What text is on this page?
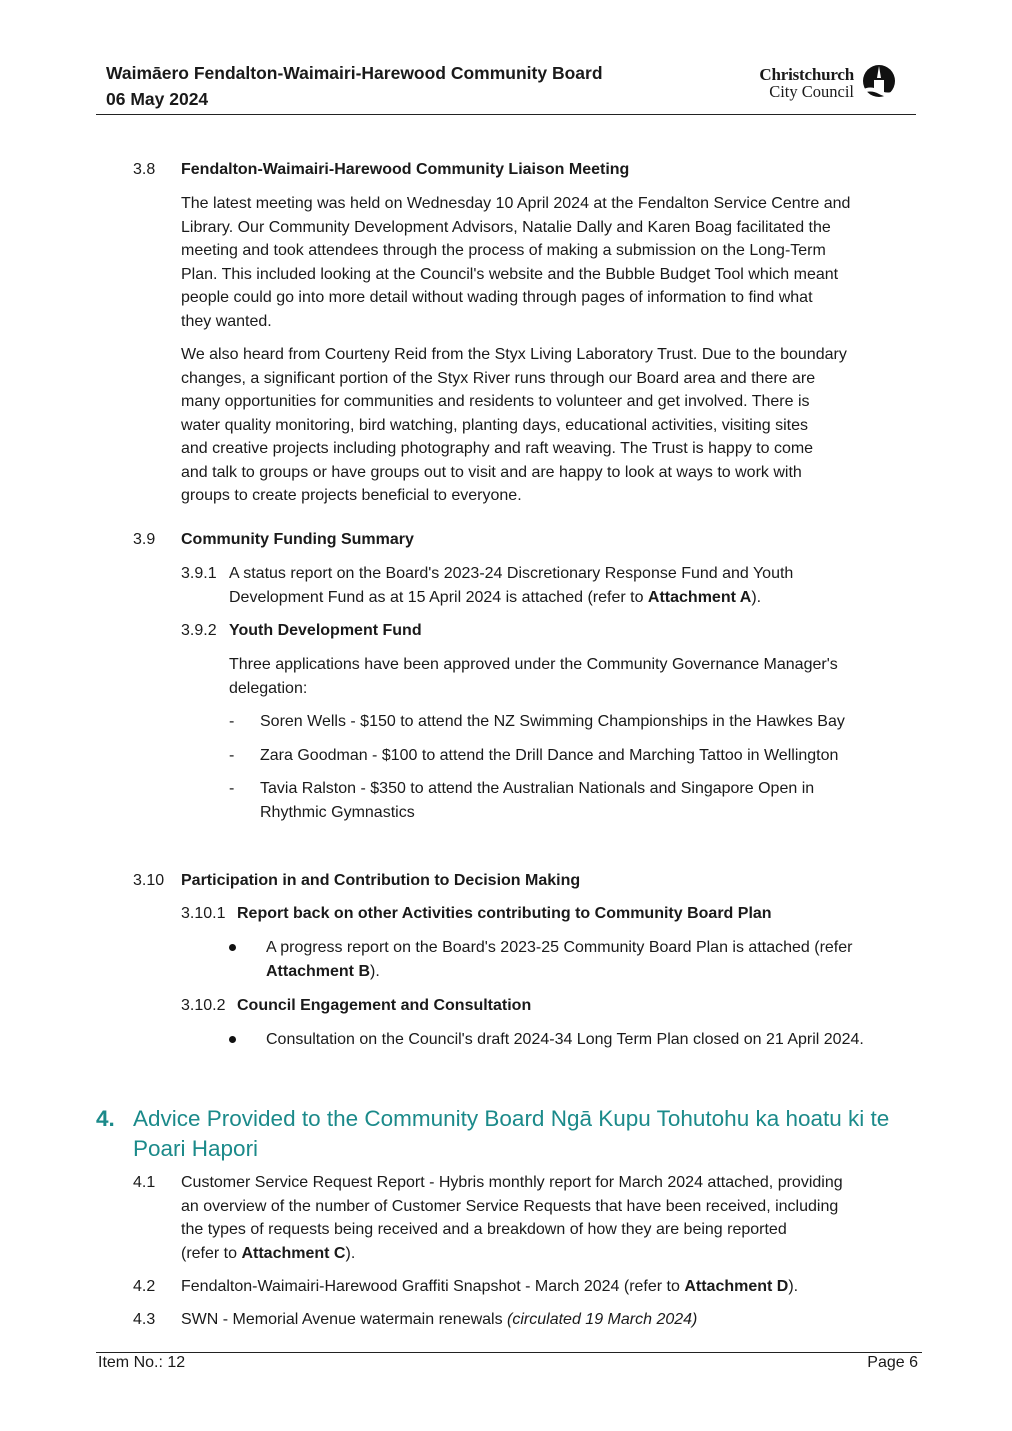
Waimāero Fendalton-Waimairi-Harewood Community Board
06 May 2024
Christchurch
City Council
3.8 Fendalton-Waimairi-Harewood Community Liaison Meeting
The latest meeting was held on Wednesday 10 April 2024 at the Fendalton Service Centre and
Library. Our Community Development Advisors, Natalie Dally and Karen Boag facilitated the
meeting and took attendees through the process of making a submission on the Long-Term
Plan. This included looking at the Council's website and the Bubble Budget Tool which meant
people could go into more detail without wading through pages of information to find what
they wanted.
We also heard from Courteny Reid from the Styx Living Laboratory Trust. Due to the boundary
changes, a significant portion of the Styx River runs through our Board area and there are
many opportunities for communities and residents to volunteer and get involved. There is
water quality monitoring, bird watching, planting days, educational activities, visiting sites
and creative projects including photography and raft weaving. The Trust is happy to come
and talk to groups or have groups out to visit and are happy to look at ways to work with
groups to create projects beneficial to everyone.
3.9 Community Funding Summary
3.9.1 A status report on the Board's 2023-24 Discretionary Response Fund and Youth
Development Fund as at 15 April 2024 is attached (refer to Attachment A).
3.9.2 Youth Development Fund
Three applications have been approved under the Community Governance Manager's
delegation:
- Soren Wells - $150 to attend the NZ Swimming Championships in the Hawkes Bay
- Zara Goodman - $100 to attend the Drill Dance and Marching Tattoo in Wellington
- Tavia Ralston - $350 to attend the Australian Nationals and Singapore Open in
Rhythmic Gymnastics
3.10 Participation in and Contribution to Decision Making
3.10.1 Report back on other Activities contributing to Community Board Plan
A progress report on the Board's 2023-25 Community Board Plan is attached (refer
Attachment B).
3.10.2 Council Engagement and Consultation
Consultation on the Council's draft 2024-34 Long Term Plan closed on 21 April 2024.
4. Advice Provided to the Community Board Ngā Kupu Tohutohu ka hoatu ki te
Poari Hapori
4.1 Customer Service Request Report - Hybris monthly report for March 2024 attached, providing
an overview of the number of Customer Service Requests that have been received, including
the types of requests being received and a breakdown of how they are being reported
(refer to Attachment C).
4.2 Fendalton-Waimairi-Harewood Graffiti Snapshot - March 2024 (refer to Attachment D).
4.3 SWN - Memorial Avenue watermain renewals (circulated 19 March 2024)
Item No.: 12	Page 6
